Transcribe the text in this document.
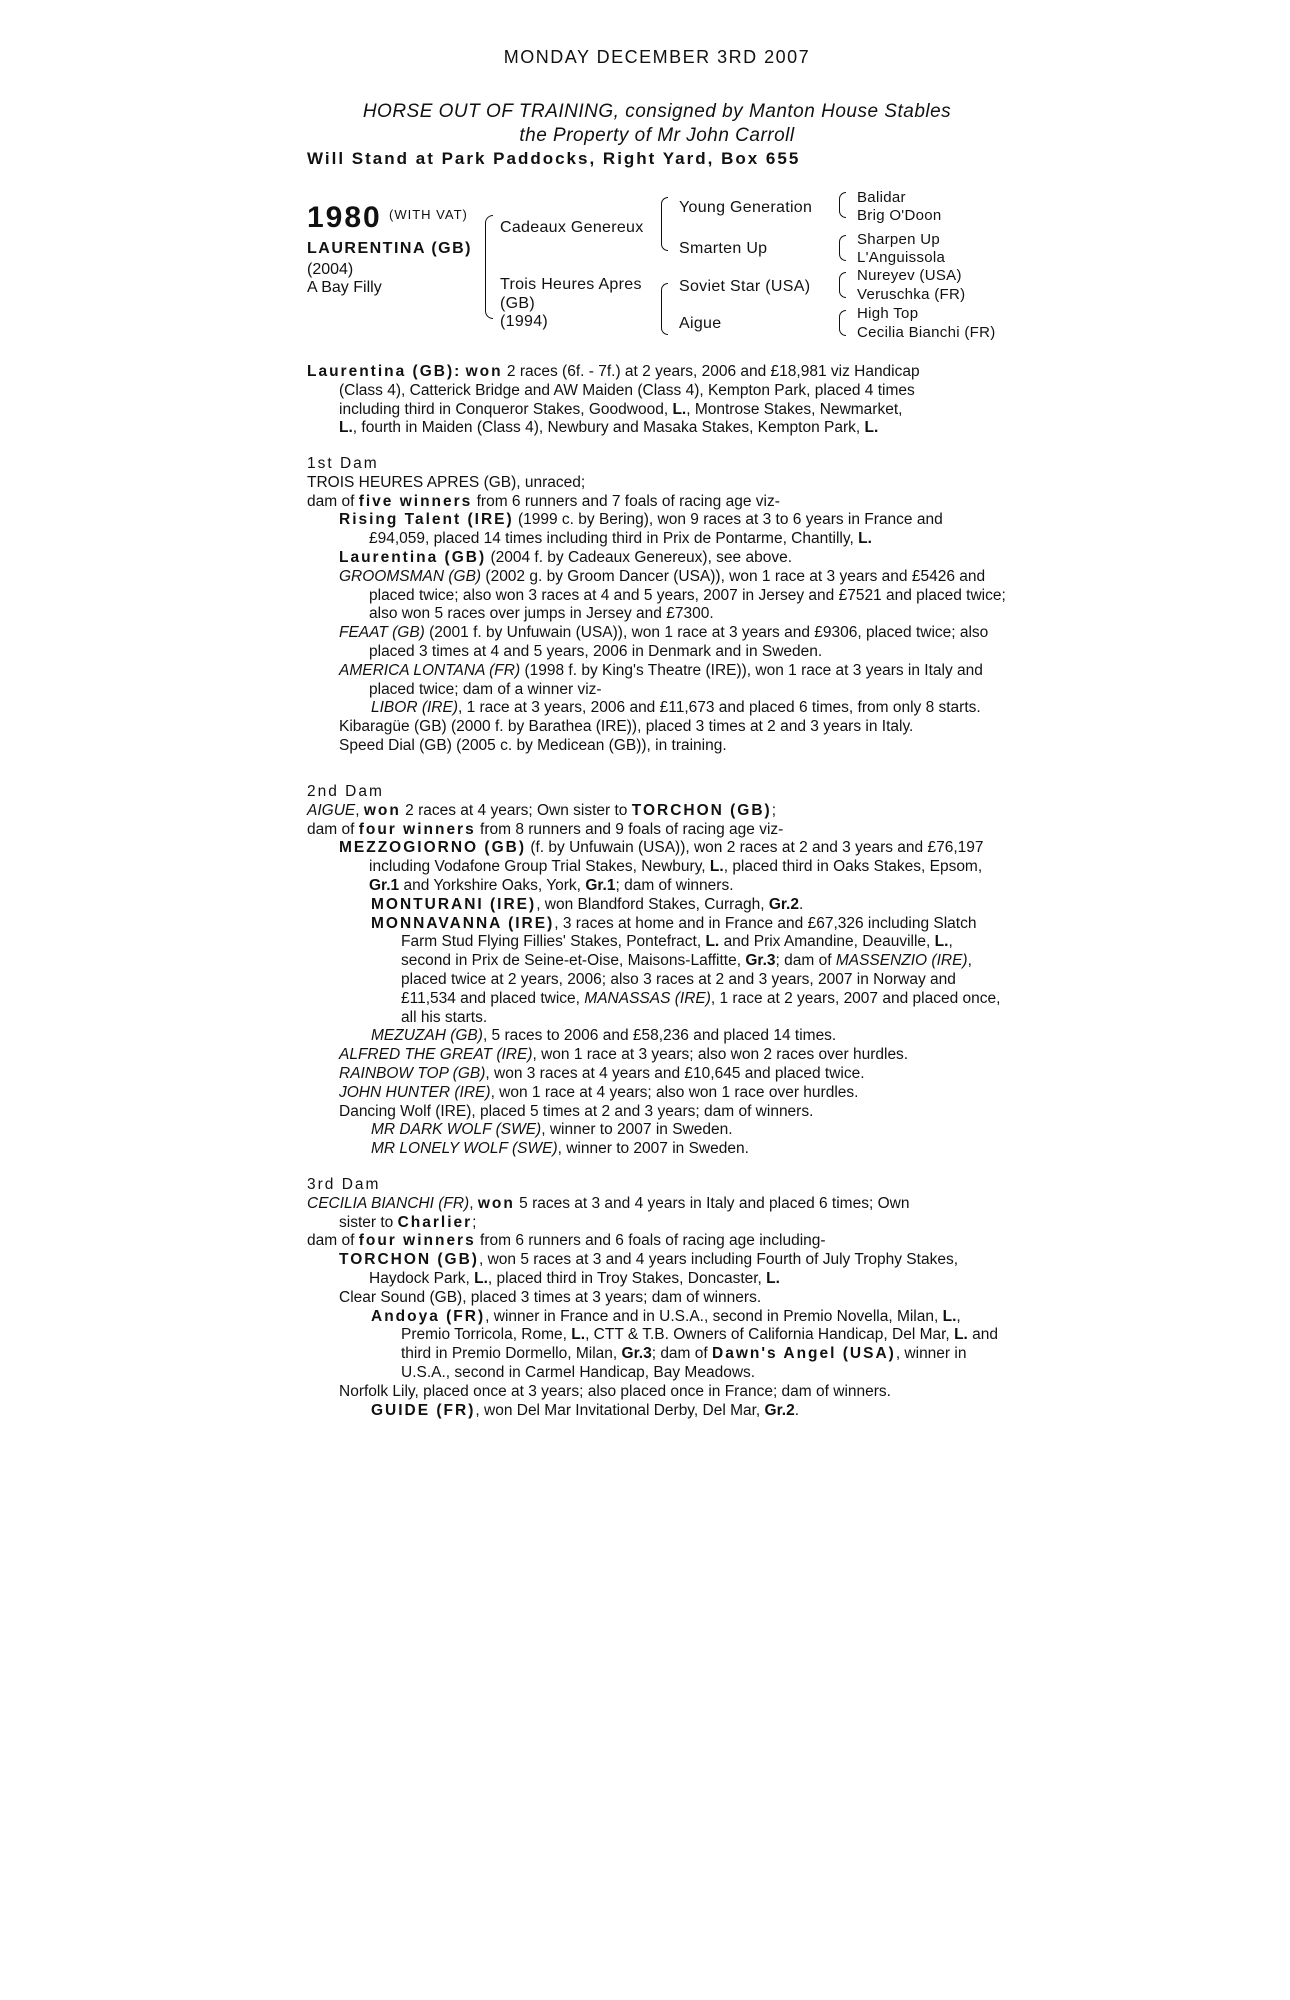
MONDAY DECEMBER 3RD 2007
HORSE OUT OF TRAINING, consigned by Manton House Stables
the Property of Mr John Carroll
Will Stand at Park Paddocks, Right Yard, Box 655
1980 (WITH VAT)
LAURENTINA (GB)
(2004)
A Bay Filly
Cadeaux Genereux
Trois Heures Apres
(GB)
(1994)
Young Generation
Smarten Up
Soviet Star (USA)
Aigue
Balidar
Brig O'Doon
Sharpen Up
L'Anguissola
Nureyev (USA)
Veruschka (FR)
High Top
Cecilia Bianchi (FR)

Laurentina (GB): won 2 races (6f. - 7f.) at 2 years, 2006 and £18,981 viz Handicap

(Class 4), Catterick Bridge and AW Maiden (Class 4), Kempton Park, placed 4 times

including third in Conqueror Stakes, Goodwood, L., Montrose Stakes, Newmarket,

L., fourth in Maiden (Class 4), Newbury and Masaka Stakes, Kempton Park, L.

1st Dam

TROIS HEURES APRES (GB), unraced;

dam of five winners from 6 runners and 7 foals of racing age viz-

Rising Talent (IRE) (1999 c. by Bering), won 9 races at 3 to 6 years in France and £94,059, placed 14 times including third in Prix de Pontarme, Chantilly, L.

Laurentina (GB) (2004 f. by Cadeaux Genereux), see above.

GROOMSMAN (GB) (2002 g. by Groom Dancer (USA)), won 1 race at 3 years and £5426 and placed twice; also won 3 races at 4 and 5 years, 2007 in Jersey and £7521 and placed twice; also won 5 races over jumps in Jersey and £7300.

FEAAT (GB) (2001 f. by Unfuwain (USA)), won 1 race at 3 years and £9306, placed twice; also placed 3 times at 4 and 5 years, 2006 in Denmark and in Sweden.

AMERICA LONTANA (FR) (1998 f. by King's Theatre (IRE)), won 1 race at 3 years in Italy and placed twice; dam of a winner viz-

LIBOR (IRE), 1 race at 3 years, 2006 and £11,673 and placed 6 times, from only 8 starts.

Kibaragüe (GB) (2000 f. by Barathea (IRE)), placed 3 times at 2 and 3 years in Italy.

Speed Dial (GB) (2005 c. by Medicean (GB)), in training.

2nd Dam

AIGUE, won 2 races at 4 years; Own sister to TORCHON (GB);

dam of four winners from 8 runners and 9 foals of racing age viz-

MEZZOGIORNO (GB) (f. by Unfuwain (USA)), won 2 races at 2 and 3 years and £76,197 including Vodafone Group Trial Stakes, Newbury, L., placed third in Oaks Stakes, Epsom, Gr.1 and Yorkshire Oaks, York, Gr.1; dam of winners.

MONTURANI (IRE), won Blandford Stakes, Curragh, Gr.2.

MONNAVANNA (IRE), 3 races at home and in France and £67,326 including Slatch Farm Stud Flying Fillies' Stakes, Pontefract, L. and Prix Amandine, Deauville, L., second in Prix de Seine-et-Oise, Maisons-Laffitte, Gr.3; dam of MASSENZIO (IRE), placed twice at 2 years, 2006; also 3 races at 2 and 3 years, 2007 in Norway and £11,534 and placed twice, MANASSAS (IRE), 1 race at 2 years, 2007 and placed once, all his starts.

MEZUZAH (GB), 5 races to 2006 and £58,236 and placed 14 times.

ALFRED THE GREAT (IRE), won 1 race at 3 years; also won 2 races over hurdles.

RAINBOW TOP (GB), won 3 races at 4 years and £10,645 and placed twice.

JOHN HUNTER (IRE), won 1 race at 4 years; also won 1 race over hurdles.

Dancing Wolf (IRE), placed 5 times at 2 and 3 years; dam of winners.

MR DARK WOLF (SWE), winner to 2007 in Sweden.

MR LONELY WOLF (SWE), winner to 2007 in Sweden.

3rd Dam

CECILIA BIANCHI (FR), won 5 races at 3 and 4 years in Italy and placed 6 times; Own

sister to Charlier;

dam of four winners from 6 runners and 6 foals of racing age including-

TORCHON (GB), won 5 races at 3 and 4 years including Fourth of July Trophy Stakes, Haydock Park, L., placed third in Troy Stakes, Doncaster, L.

Clear Sound (GB), placed 3 times at 3 years; dam of winners.

Andoya (FR), winner in France and in U.S.A., second in Premio Novella, Milan, L., Premio Torricola, Rome, L., CTT & T.B. Owners of California Handicap, Del Mar, L. and third in Premio Dormello, Milan, Gr.3; dam of Dawn's Angel (USA), winner in U.S.A., second in Carmel Handicap, Bay Meadows.

Norfolk Lily, placed once at 3 years; also placed once in France; dam of winners.

GUIDE (FR), won Del Mar Invitational Derby, Del Mar, Gr.2.
